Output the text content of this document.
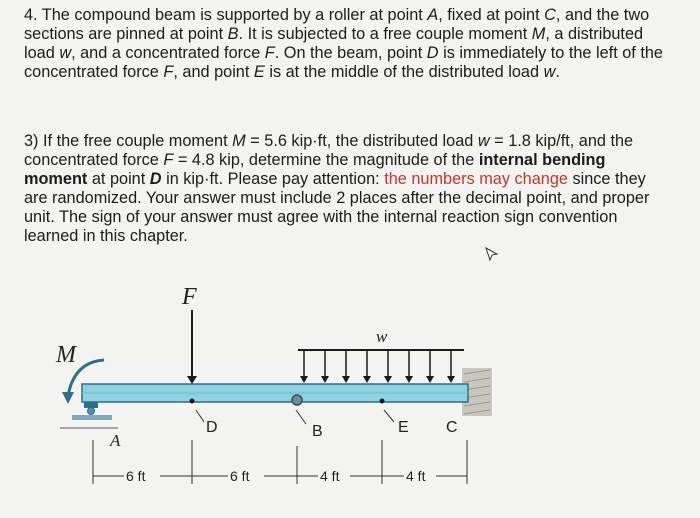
4. The compound beam is supported by a roller at point A, fixed at point C, and the two sections are pinned at point B. It is subjected to a free couple moment M, a distributed load w, and a concentrated force F. On the beam, point D is immediately to the left of the concentrated force F, and point E is at the middle of the distributed load w.

3) If the free couple moment M = 5.6 kip·ft, the distributed load w = 1.8 kip/ft, and the concentrated force F = 4.8 kip, determine the magnitude of the internal bending moment at point D in kip·ft. Please pay attention: the numbers may change since they are randomized. Your answer must include 2 places after the decimal point, and proper unit. The sign of your answer must agree with the internal reaction sign convention learned in this chapter.

M
F
w
A
D	B	E C
6 ft	6 ft	4 ft	4 ft
